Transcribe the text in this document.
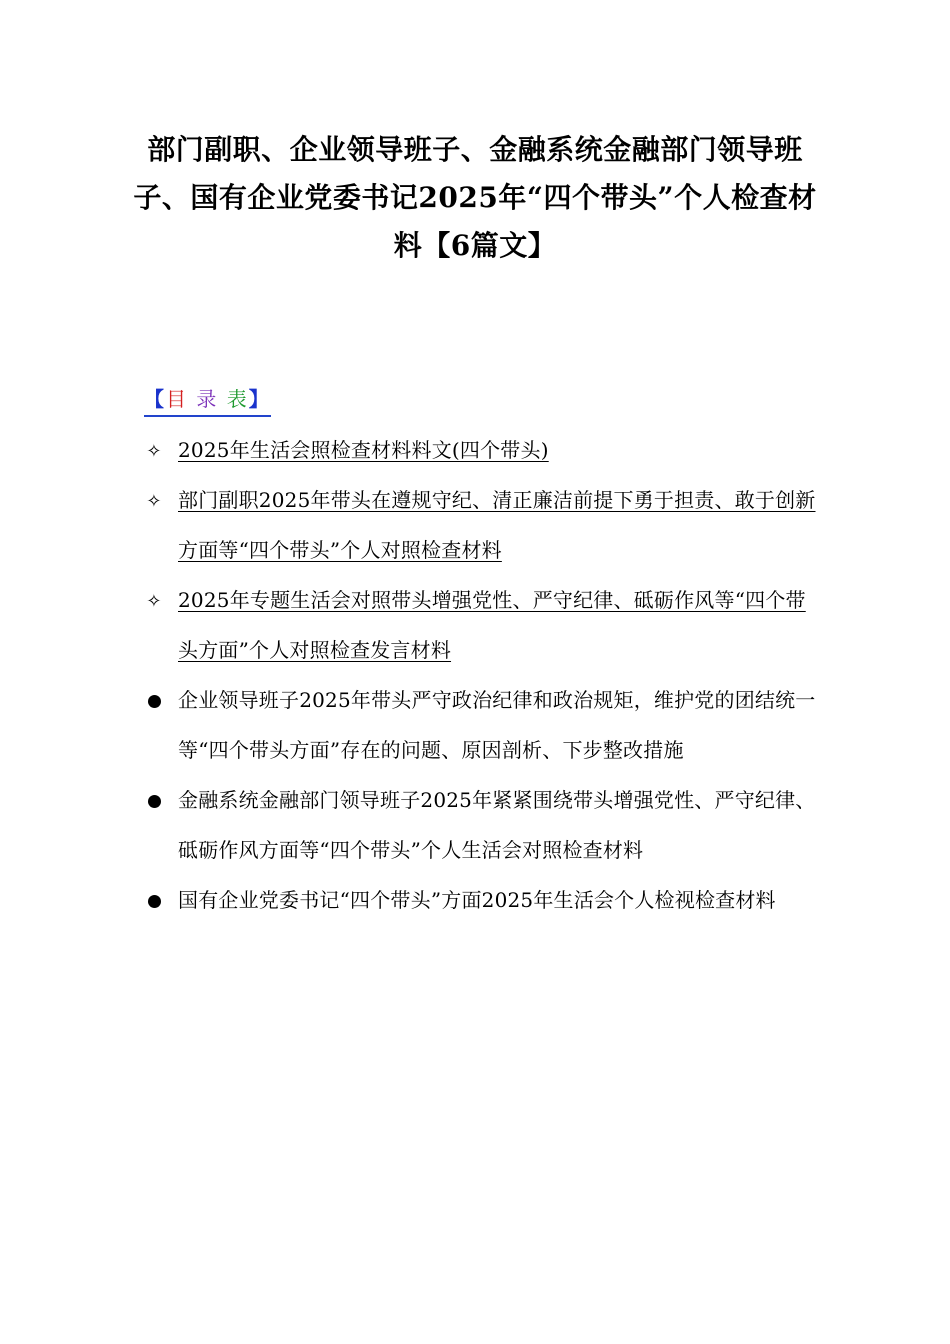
部门副职、企业领导班子、金融系统金融部门领导班子、国有企业党委书记2025年“四个带头”个人检查材料【6篇文】
【目 录 表】
✧ 2025年生活会照检查材料料文(四个带头)
✧ 部门副职2025年带头在遵规守纪、清正廉洁前提下勇于担责、敢于创新方面等“四个带头”个人对照检查材料
✧ 2025年专题生活会对照带头增强党性、严守纪律、砥砺作风等“四个带头方面”个人对照检查发言材料
企业领导班子2025年带头严守政治纪律和政治规矩，维护党的团结统一等“四个带头方面”存在的问题、原因剖析、下步整改措施
金融系统金融部门领导班子2025年紧紧围绕带头增强党性、严守纪律、砥砺作风方面等“四个带头”个人生活会对照检查材料
国有企业党委书记“四个带头”方面2025年生活会个人检视检查材料
